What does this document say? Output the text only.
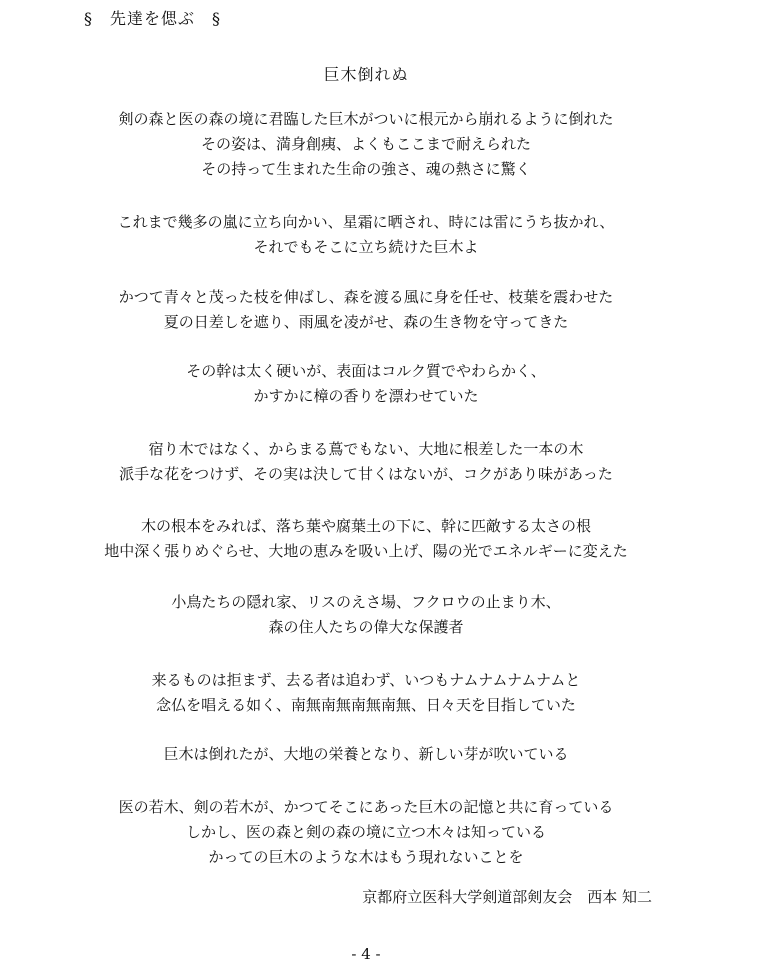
§　先達を偲ぶ　§
巨木倒れぬ
剣の森と医の森の境に君臨した巨木がついに根元から崩れるように倒れた
その姿は、満身創痍、よくもここまで耐えられた
その持って生まれた生命の強さ、魂の熱さに驚く
これまで幾多の嵐に立ち向かい、星霜に晒され、時には雷にうち抜かれ、
それでもそこに立ち続けた巨木よ
かつて青々と茂った枝を伸ばし、森を渡る風に身を任せ、枝葉を震わせた
夏の日差しを遮り、雨風を凌がせ、森の生き物を守ってきた
その幹は太く硬いが、表面はコルク質でやわらかく、
かすかに樟の香りを漂わせていた
宿り木ではなく、からまる蔦でもない、大地に根差した一本の木
派手な花をつけず、その実は決して甘くはないが、コクがあり味があった
木の根本をみれば、落ち葉や腐葉土の下に、幹に匹敵する太さの根
地中深く張りめぐらせ、大地の恵みを吸い上げ、陽の光でエネルギーに変えた
小鳥たちの隠れ家、リスのえさ場、フクロウの止まり木、
森の住人たちの偉大な保護者
来るものは拒まず、去る者は追わず、いつもナムナムナムナムと
念仏を唱える如く、南無南無南無南無、日々天を目指していた
巨木は倒れたが、大地の栄養となり、新しい芽が吹いている
医の若木、剣の若木が、かつてそこにあった巨木の記憶と共に育っている
しかし、医の森と剣の森の境に立つ木々は知っている
かっての巨木のような木はもう現れないことを
京都府立医科大学剣道部剣友会　西本 知二
- 4 -
